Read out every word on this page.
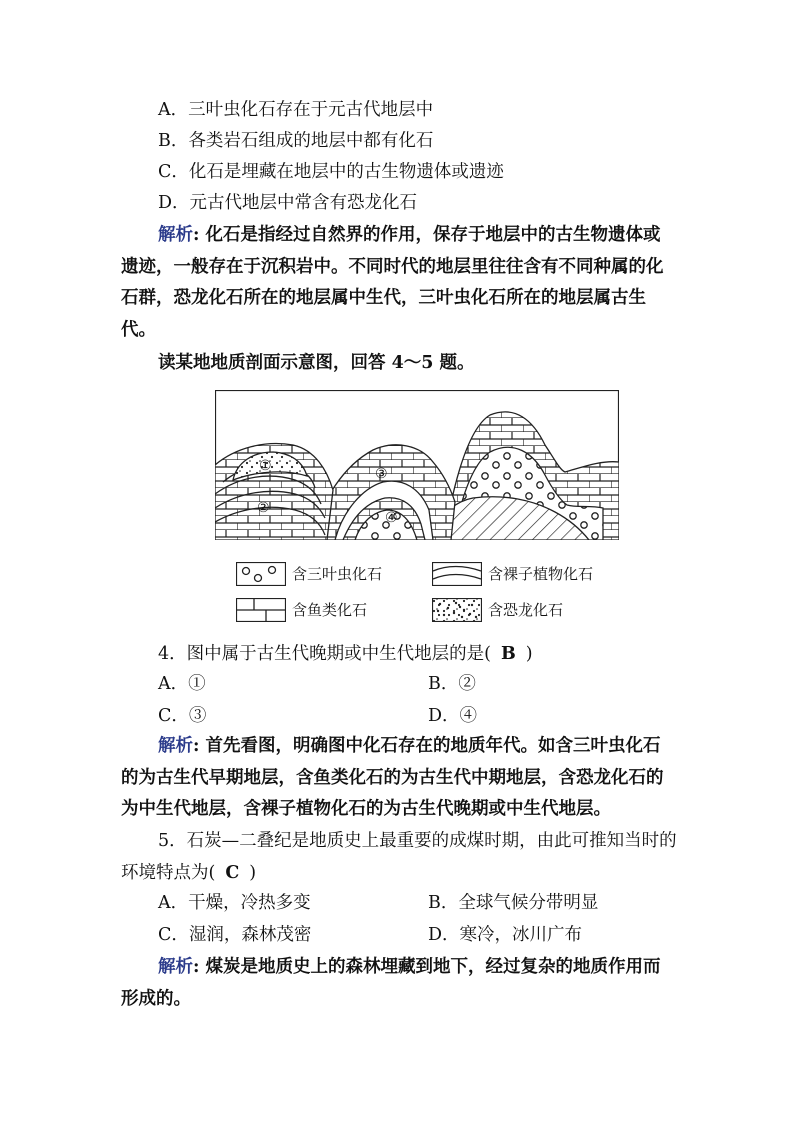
A．三叶虫化石存在于元古代地层中
B．各类岩石组成的地层中都有化石
C．化石是埋藏在地层中的古生物遗体或遗迹
D．元古代地层中常含有恐龙化石
解析: 化石是指经过自然界的作用，保存于地层中的古生物遗体或遗迹，一般存在于沉积岩中。不同时代的地层里往往含有不同种属的化石群，恐龙化石所在的地层属中生代，三叶虫化石所在的地层属古生代。
读某地地质剖面示意图，回答 4～5 题。
①
②
③
④
含三叶虫化石	含裸子植物化石
含鱼类化石	含恐龙化石
4．图中属于古生代晚期或中生代地层的是( B )
A．①	B．②
C．③	D．④
解析: 首先看图，明确图中化石存在的地质年代。如含三叶虫化石的为古生代早期地层，含鱼类化石的为古生代中期地层，含恐龙化石的为中生代地层，含裸子植物化石的为古生代晚期或中生代地层。
5．石炭—二叠纪是地质史上最重要的成煤时期，由此可推知当时的环境特点为( C )
A．干燥，冷热多变	B．全球气候分带明显
C．湿润，森林茂密	D．寒冷，冰川广布
解析: 煤炭是地质史上的森林埋藏到地下，经过复杂的地质作用而形成的。
